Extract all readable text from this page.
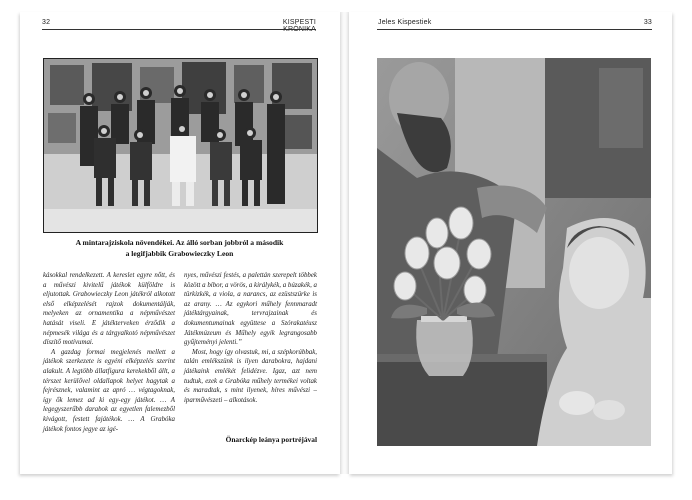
32	KISPESTI KRÓNIKA
A mintarajziskola növendékei. Az álló sorban jobbról a második
a legifjabbik Grabowieczky Leon

kásokkal rendelkezett. A kereslet egyre nőtt, és a művészi kivitelű játékok külföldre is eljutottak. Grabowieczky Leon játékról alkotott első elképzelését rajzok dokumentálják, melyeken az ornamentika a népművészet hatását viseli. E játékterveken érződik a népmesék világa és a tárgyalkotó népművészet díszítő motívumai.

A gazdag formai megjelenés mellett a játékok szerkezete is egyéni elképzelés szerint alakult. A legtöbb állatfigura kerekekből állt, a térszet kerülővel oldallapok helyet hagytak a fejrésznek, valamint az apró … végtagoknak, így ők lemez ad ki egy-egy játékot. … A legegyszerűbb darabok az egyetlen falemezből kivágott, festett fajátékok. … A Grabóka játékok fontos jegye az igé-

nyes, művészi festés, a palettán szerepelt többek között a bíbor, a vörös, a királykék, a búzakék, a türkizkék, a viola, a narancs, az ezüstszürke is az arany. … Az egykori műhely fennmaradt játéktárgyainak, tervrajzainak és dokumentumainak együttese a Szórakatéusz Játékmúzeum és Műhely egyik legrangosabb gyűjteményi jelenti.”

Most, hogy így olvastuk, mi, a szépkorúbbak, talán emlékszünk is ilyen darabokra, hajdani játékaink emlékét felidézve. Igaz, azt nem tudtuk, ezek a Grabóka műhely termékei voltak és maradtak, s mint ilyenek, híres művészi – iparművészeti – alkotások.

Önarckép leánya portréjával
Jeles Kispestiek	33
